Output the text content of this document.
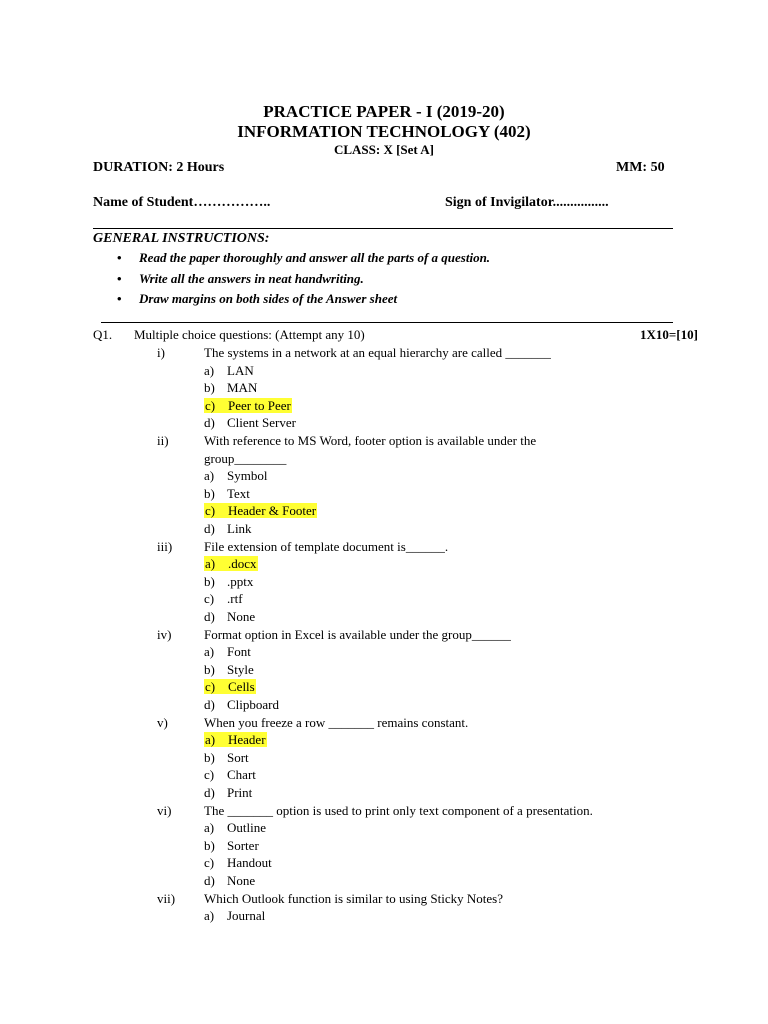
PRACTICE PAPER - I (2019-20)
INFORMATION TECHNOLOGY (402)
CLASS: X [Set A]
DURATION: 2 Hours	MM: 50
Name of Student……………..	Sign of Invigilator................
GENERAL INSTRUCTIONS:
• Read the paper thoroughly and answer all the parts of a question.
• Write all the answers in neat handwriting.
• Draw margins on both sides of the Answer sheet
Q1. Multiple choice questions: (Attempt any 10)	1X10=[10]
i)	The systems in a network at an equal hierarchy are called _______
a) LAN
b) MAN
c) Peer to Peer
d) Client Server
ii)	With reference to MS Word, footer option is available under the
group________
a) Symbol
b) Text
c) Header & Footer
d) Link
iii) File extension of template document is______.
a) .docx
b) .pptx
c) .rtf
d) None
iv)	Format option in Excel is available under the group______
a) Font
b) Style
c) Cells
d) Clipboard
v)	When you freeze a row _______ remains constant.
a) Header
b) Sort
c) Chart
d) Print
vi)	The _______ option is used to print only text component of a presentation.
a) Outline
b) Sorter
c) Handout
d) None
vii) Which Outlook function is similar to using Sticky Notes?
a) Journal
